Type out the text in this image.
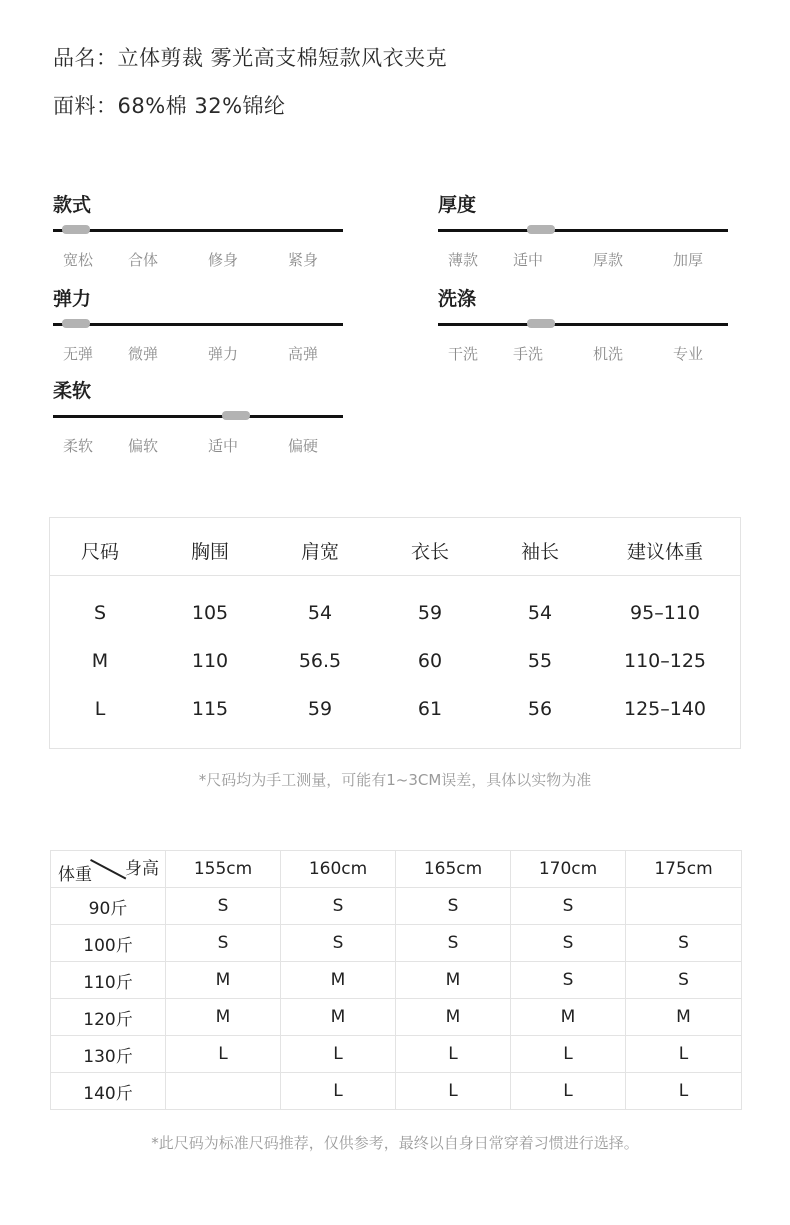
品名：立体剪裁 雾光高支棉短款风衣夹克
面料：68%棉 32%锦纶
款式
宽松	合体	修身	紧身
厚度
薄款	适中	厚款	加厚
弹力
无弹	微弹	弹力	高弹
洗涤
干洗	手洗	机洗	专业
柔软
柔软	偏软	适中	偏硬
尺码	胸围	肩宽	衣长	袖长	建议体重
S	105	54	59	54	95–110
M	110	56.5	60	55	110–125
L	115	59	61	56	125–140
*尺码均为手工测量，可能有1~3CM误差，具体以实物为准
体重 身高	155cm	160cm	165cm	170cm	175cm
90斤	S	S	S	S	
100斤	S	S	S	S	S
110斤	M	M	M	S	S
120斤	M	M	M	M	M
130斤	L	L	L	L	L
140斤		L	L	L	L
*此尺码为标准尺码推荐，仅供参考，最终以自身日常穿着习惯进行选择。
